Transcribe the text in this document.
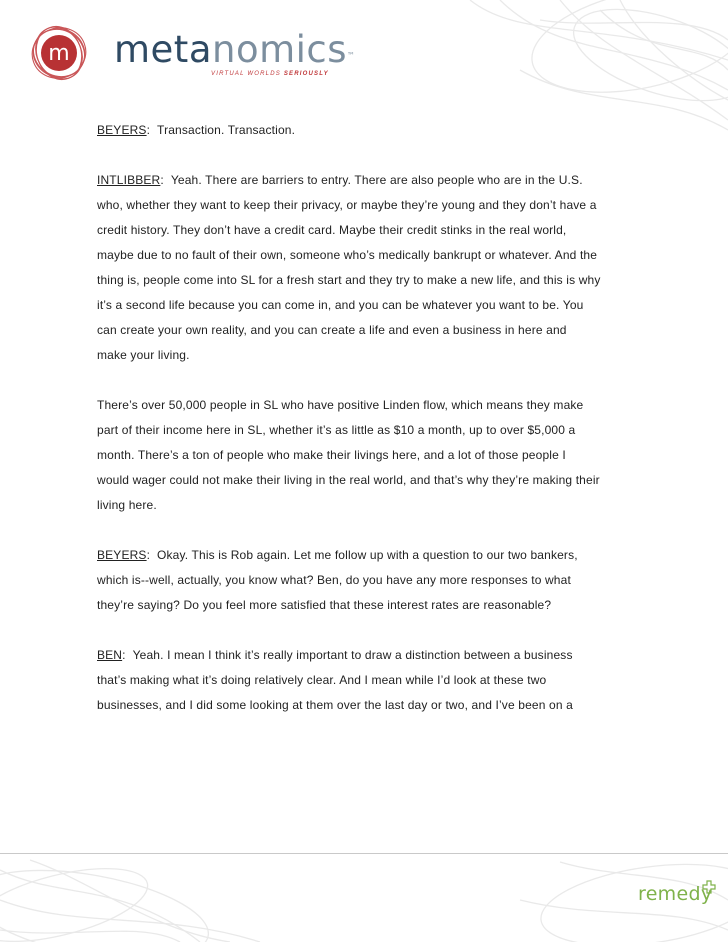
m metanomics™
VIRTUAL WORLDS SERIOUSLY
BEYERS:  Transaction. Transaction.
INTLIBBER:  Yeah. There are barriers to entry. There are also people who are in the U.S.
who, whether they want to keep their privacy, or maybe they’re young and they don’t have a
credit history. They don’t have a credit card. Maybe their credit stinks in the real world,
maybe due to no fault of their own, someone who’s medically bankrupt or whatever. And the
thing is, people come into SL for a fresh start and they try to make a new life, and this is why
it’s a second life because you can come in, and you can be whatever you want to be. You
can create your own reality, and you can create a life and even a business in here and
make your living.
There’s over 50,000 people in SL who have positive Linden flow, which means they make
part of their income here in SL, whether it’s as little as $10 a month, up to over $5,000 a
month. There’s a ton of people who make their livings here, and a lot of those people I
would wager could not make their living in the real world, and that’s why they’re making their
living here.
BEYERS:  Okay. This is Rob again. Let me follow up with a question to our two bankers,
which is--well, actually, you know what? Ben, do you have any more responses to what
they’re saying? Do you feel more satisfied that these interest rates are reasonable?
BEN:  Yeah. I mean I think it’s really important to draw a distinction between a business
that’s making what it’s doing relatively clear. And I mean while I’d look at these two
businesses, and I did some looking at them over the last day or two, and I’ve been on a
remedy
